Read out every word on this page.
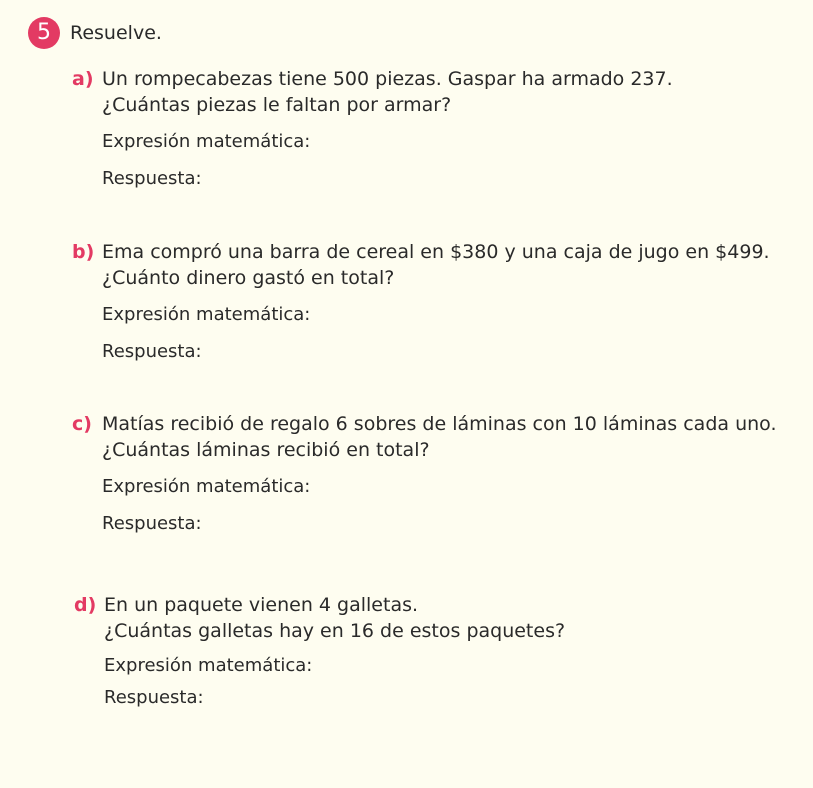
5	Resuelve.
a) Un rompecabezas tiene 500 piezas. Gaspar ha armado 237.
¿Cuántas piezas le faltan por armar?
Expresión matemática:
Respuesta:
b) Ema compró una barra de cereal en $380 y una caja de jugo en $499.
¿Cuánto dinero gastó en total?
Expresión matemática:
Respuesta:
c) Matías recibió de regalo 6 sobres de láminas con 10 láminas cada uno.
¿Cuántas láminas recibió en total?
Expresión matemática:
Respuesta:
d) En un paquete vienen 4 galletas.
¿Cuántas galletas hay en 16 de estos paquetes?
Expresión matemática:
Respuesta:
